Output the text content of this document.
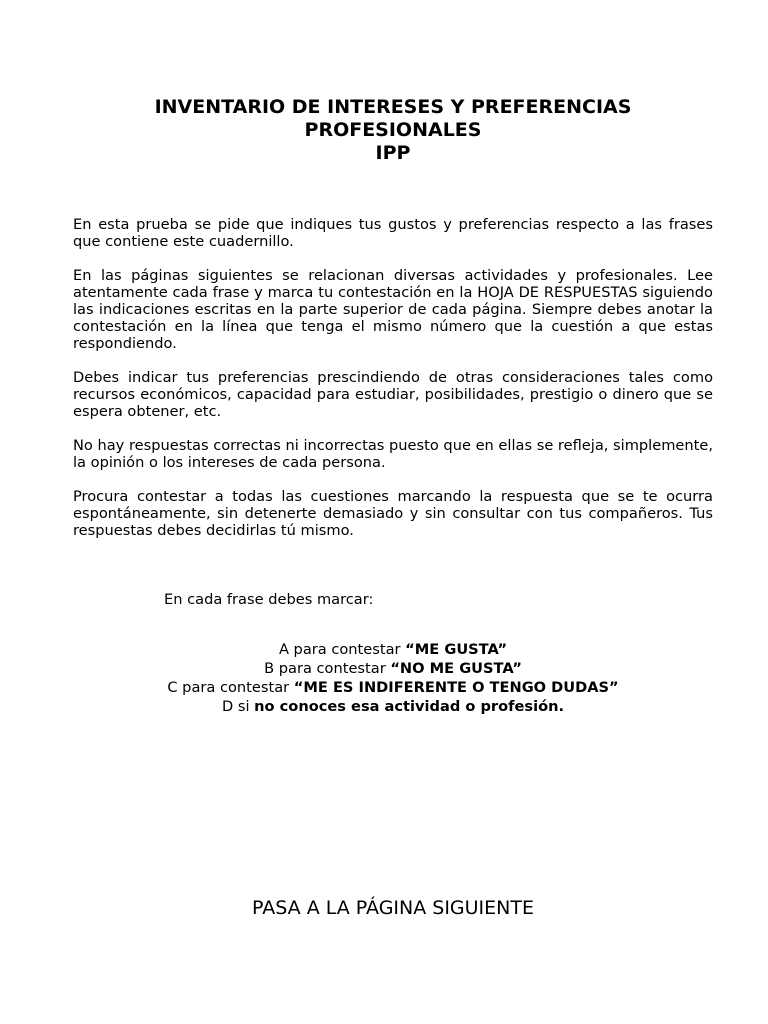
INVENTARIO DE INTERESES Y PREFERENCIAS
PROFESIONALES
IPP

En esta prueba se pide que indiques tus gustos y preferencias respecto a las frases que contiene este cuadernillo.

En las páginas siguientes se relacionan diversas actividades y profesionales. Lee atentamente cada frase y marca tu contestación en la HOJA DE RESPUESTAS siguiendo las indicaciones escritas en la parte superior de cada página. Siempre debes anotar la contestación en la línea que tenga el mismo número que la cuestión a que estas respondiendo.

Debes indicar tus preferencias prescindiendo de otras consideraciones tales como recursos económicos, capacidad para estudiar, posibilidades, prestigio o dinero que se espera obtener, etc.

No hay respuestas correctas ni incorrectas puesto que en ellas se refleja, simplemente, la opinión o los intereses de cada persona.

Procura contestar a todas las cuestiones marcando la respuesta que se te ocurra espontáneamente, sin detenerte demasiado y sin consultar con tus compañeros. Tus respuestas debes decidirlas tú mismo.

En cada frase debes marcar:
A para contestar “ME GUSTA”
B para contestar “NO ME GUSTA”
C para contestar “ME ES INDIFERENTE O TENGO DUDAS”
D si no conoces esa actividad o profesión.
PASA A LA PÁGINA SIGUIENTE
